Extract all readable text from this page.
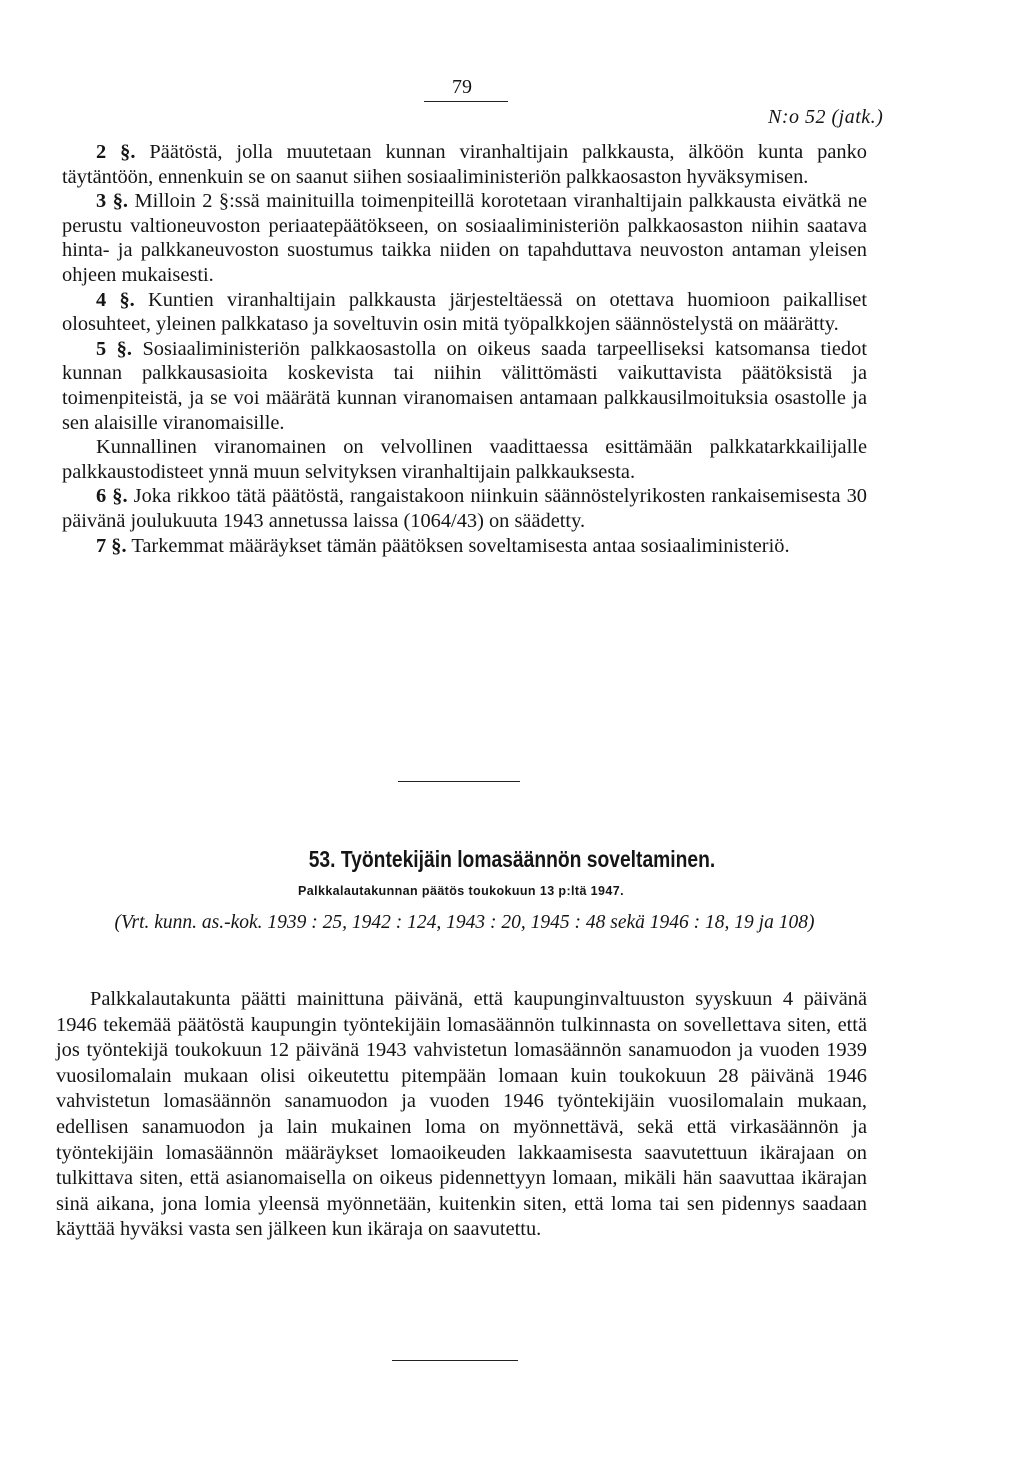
79
N:o 52 (jatk.)

2 §. Päätöstä, jolla muutetaan kunnan viranhaltijain palkkausta, älköön kunta panko täytäntöön, ennenkuin se on saanut siihen sosiaaliministeriön palkkaosaston hyväksymisen.

3 §. Milloin 2 §:ssä mainituilla toimenpiteillä korotetaan viranhaltijain palkkausta eivätkä ne perustu valtioneuvoston periaatepäätökseen, on sosiaaliministeriön palkkaosaston niihin saatava hinta- ja palkkaneuvoston suostumus taikka niiden on tapahduttava neuvoston antaman yleisen ohjeen mukaisesti.

4 §. Kuntien viranhaltijain palkkausta järjesteltäessä on otettava huomioon paikalliset olosuhteet, yleinen palkkataso ja soveltuvin osin mitä työpalkkojen säännöstelystä on määrätty.

5 §. Sosiaaliministeriön palkkaosastolla on oikeus saada tarpeelliseksi katsomansa tiedot kunnan palkkausasioita koskevista tai niihin välittömästi vaikuttavista päätöksistä ja toimenpiteistä, ja se voi määrätä kunnan viranomaisen antamaan palkkausilmoituksia osastolle ja sen alaisille viranomaisille.

Kunnallinen viranomainen on velvollinen vaadittaessa esittämään palkkatarkkailijalle palkkaustodisteet ynnä muun selvityksen viranhaltijain palkkauksesta.

6 §. Joka rikkoo tätä päätöstä, rangaistakoon niinkuin säännöstelyrikosten rankaisemisesta 30 päivänä joulukuuta 1943 annetussa laissa (1064/43) on säädetty.

7 §. Tarkemmat määräykset tämän päätöksen soveltamisesta antaa sosiaaliministeriö.

53. Työntekijäin lomasäännön soveltaminen.
Palkkalautakunnan päätös toukokuun 13 p:ltä 1947.
(Vrt. kunn. as.-kok. 1939 : 25, 1942 : 124, 1943 : 20, 1945 : 48 sekä 1946 : 18, 19 ja 108)

Palkkalautakunta päätti mainittuna päivänä, että kaupunginvaltuuston syyskuun 4 päivänä 1946 tekemää päätöstä kaupungin työntekijäin lomasäännön tulkinnasta on sovellettava siten, että jos työntekijä toukokuun 12 päivänä 1943 vahvistetun lomasäännön sanamuodon ja vuoden 1939 vuosilomalain mukaan olisi oikeutettu pitempään lomaan kuin toukokuun 28 päivänä 1946 vahvistetun lomasäännön sanamuodon ja vuoden 1946 työntekijäin vuosilomalain mukaan, edellisen sanamuodon ja lain mukainen loma on myönnettävä, sekä että virkasäännön ja työntekijäin lomasäännön määräykset lomaoikeuden lakkaamisesta saavutettuun ikärajaan on tulkittava siten, että asianomaisella on oikeus pidennettyyn lomaan, mikäli hän saavuttaa ikärajan sinä aikana, jona lomia yleensä myönnetään, kuitenkin siten, että loma tai sen pidennys saadaan käyttää hyväksi vasta sen jälkeen kun ikäraja on saavutettu.
